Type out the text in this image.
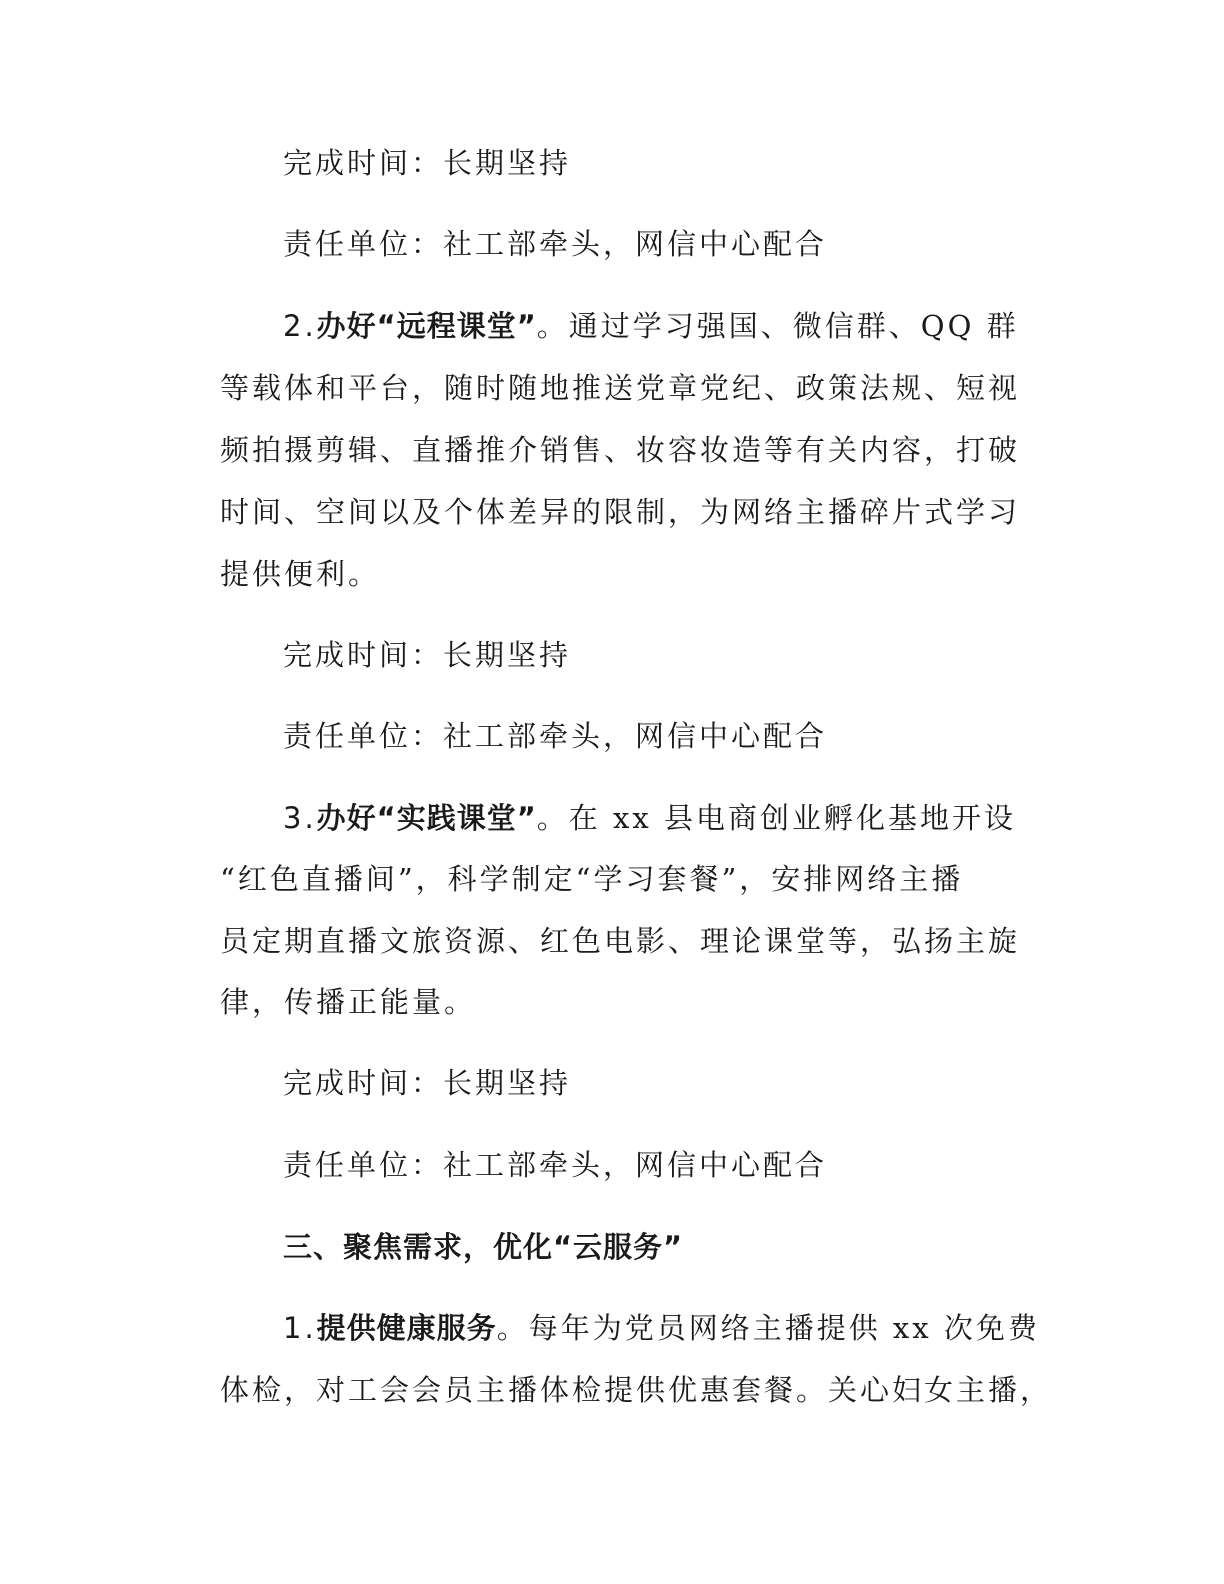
完成时间：长期坚持
责任单位：社工部牵头，网信中心配合
2.办好“远程课堂”。通过学习强国、微信群、QQ 群
等载体和平台，随时随地推送党章党纪、政策法规、短视
频拍摄剪辑、直播推介销售、妆容妆造等有关内容，打破
时间、空间以及个体差异的限制，为网络主播碎片式学习
提供便利。
完成时间：长期坚持
责任单位：社工部牵头，网信中心配合
3.办好“实践课堂”。在 xx 县电商创业孵化基地开设
“红色直播间”，科学制定“学习套餐”，安排网络主播
员定期直播文旅资源、红色电影、理论课堂等，弘扬主旋
律，传播正能量。
完成时间：长期坚持
责任单位：社工部牵头，网信中心配合
三、聚焦需求，优化“云服务”
1.提供健康服务。每年为党员网络主播提供 xx 次免费
体检，对工会会员主播体检提供优惠套餐。关心妇女主播，
